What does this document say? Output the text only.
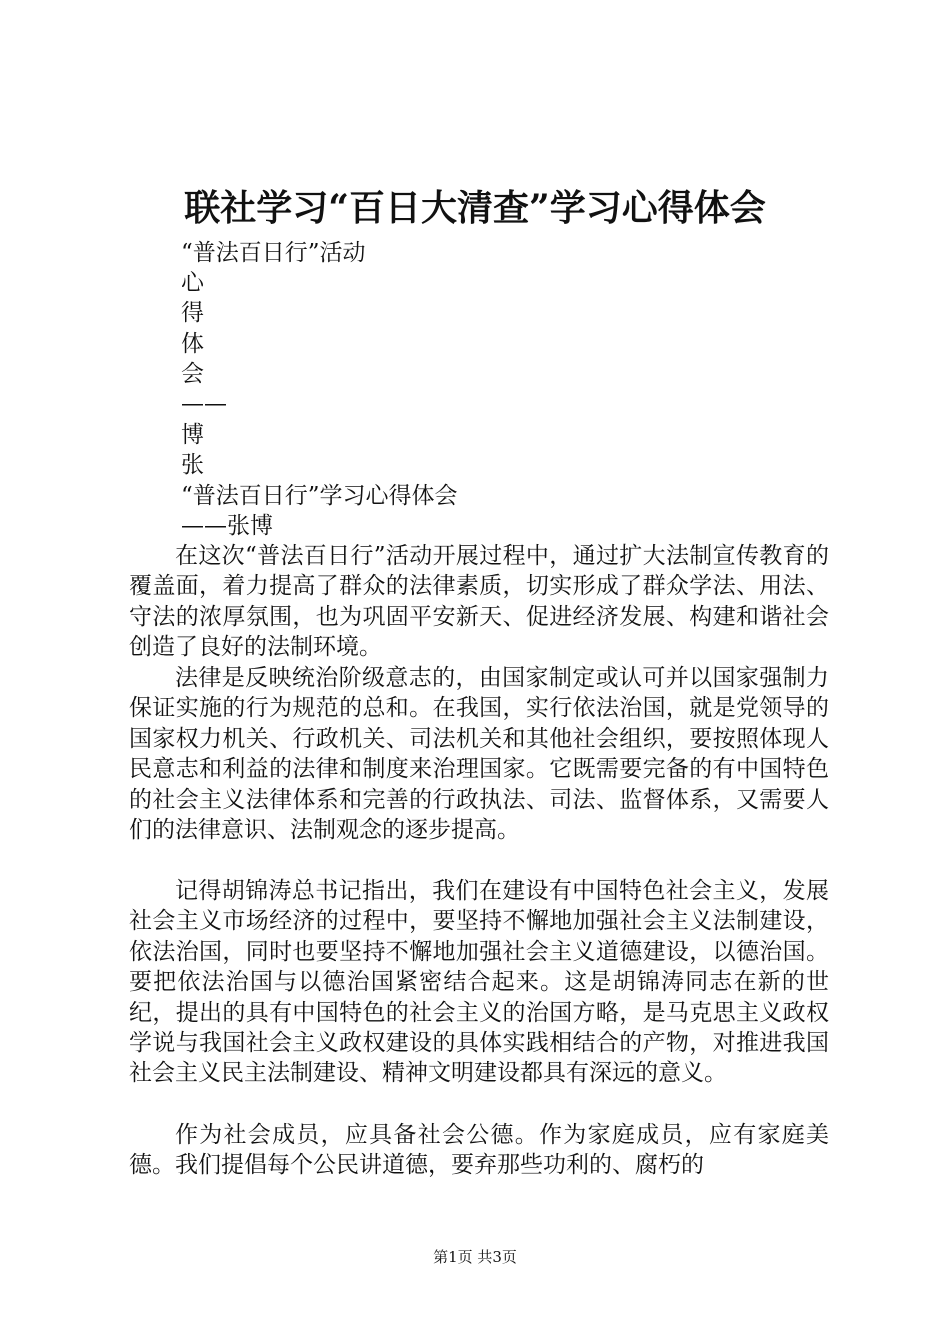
联社学习“百日大清查”学习心得体会
“普法百日行”活动
心
得
体
会
——
博
张
“普法百日行”学习心得体会
——张博

在这次“普法百日行”活动开展过程中，通过扩大法制宣传教育的覆盖面，着力提高了群众的法律素质，切实形成了群众学法、用法、守法的浓厚氛围，也为巩固平安新天、促进经济发展、构建和谐社会创造了良好的法制环境。

法律是反映统治阶级意志的，由国家制定或认可并以国家强制力保证实施的行为规范的总和。在我国，实行依法治国，就是党领导的国家权力机关、行政机关、司法机关和其他社会组织，要按照体现人民意志和利益的法律和制度来治理国家。它既需要完备的有中国特色的社会主义法律体系和完善的行政执法、司法、监督体系，又需要人们的法律意识、法制观念的逐步提高。

记得胡锦涛总书记指出，我们在建设有中国特色社会主义，发展社会主义市场经济的过程中，要坚持不懈地加强社会主义法制建设，依法治国，同时也要坚持不懈地加强社会主义道德建设，以德治国。要把依法治国与以德治国紧密结合起来。这是胡锦涛同志在新的世纪，提出的具有中国特色的社会主义的治国方略，是马克思主义政权学说与我国社会主义政权建设的具体实践相结合的产物，对推进我国社会主义民主法制建设、精神文明建设都具有深远的意义。

作为社会成员，应具备社会公德。作为家庭成员，应有家庭美德。我们提倡每个公民讲道德，要弃那些功利的、腐朽的

第1页 共3页
